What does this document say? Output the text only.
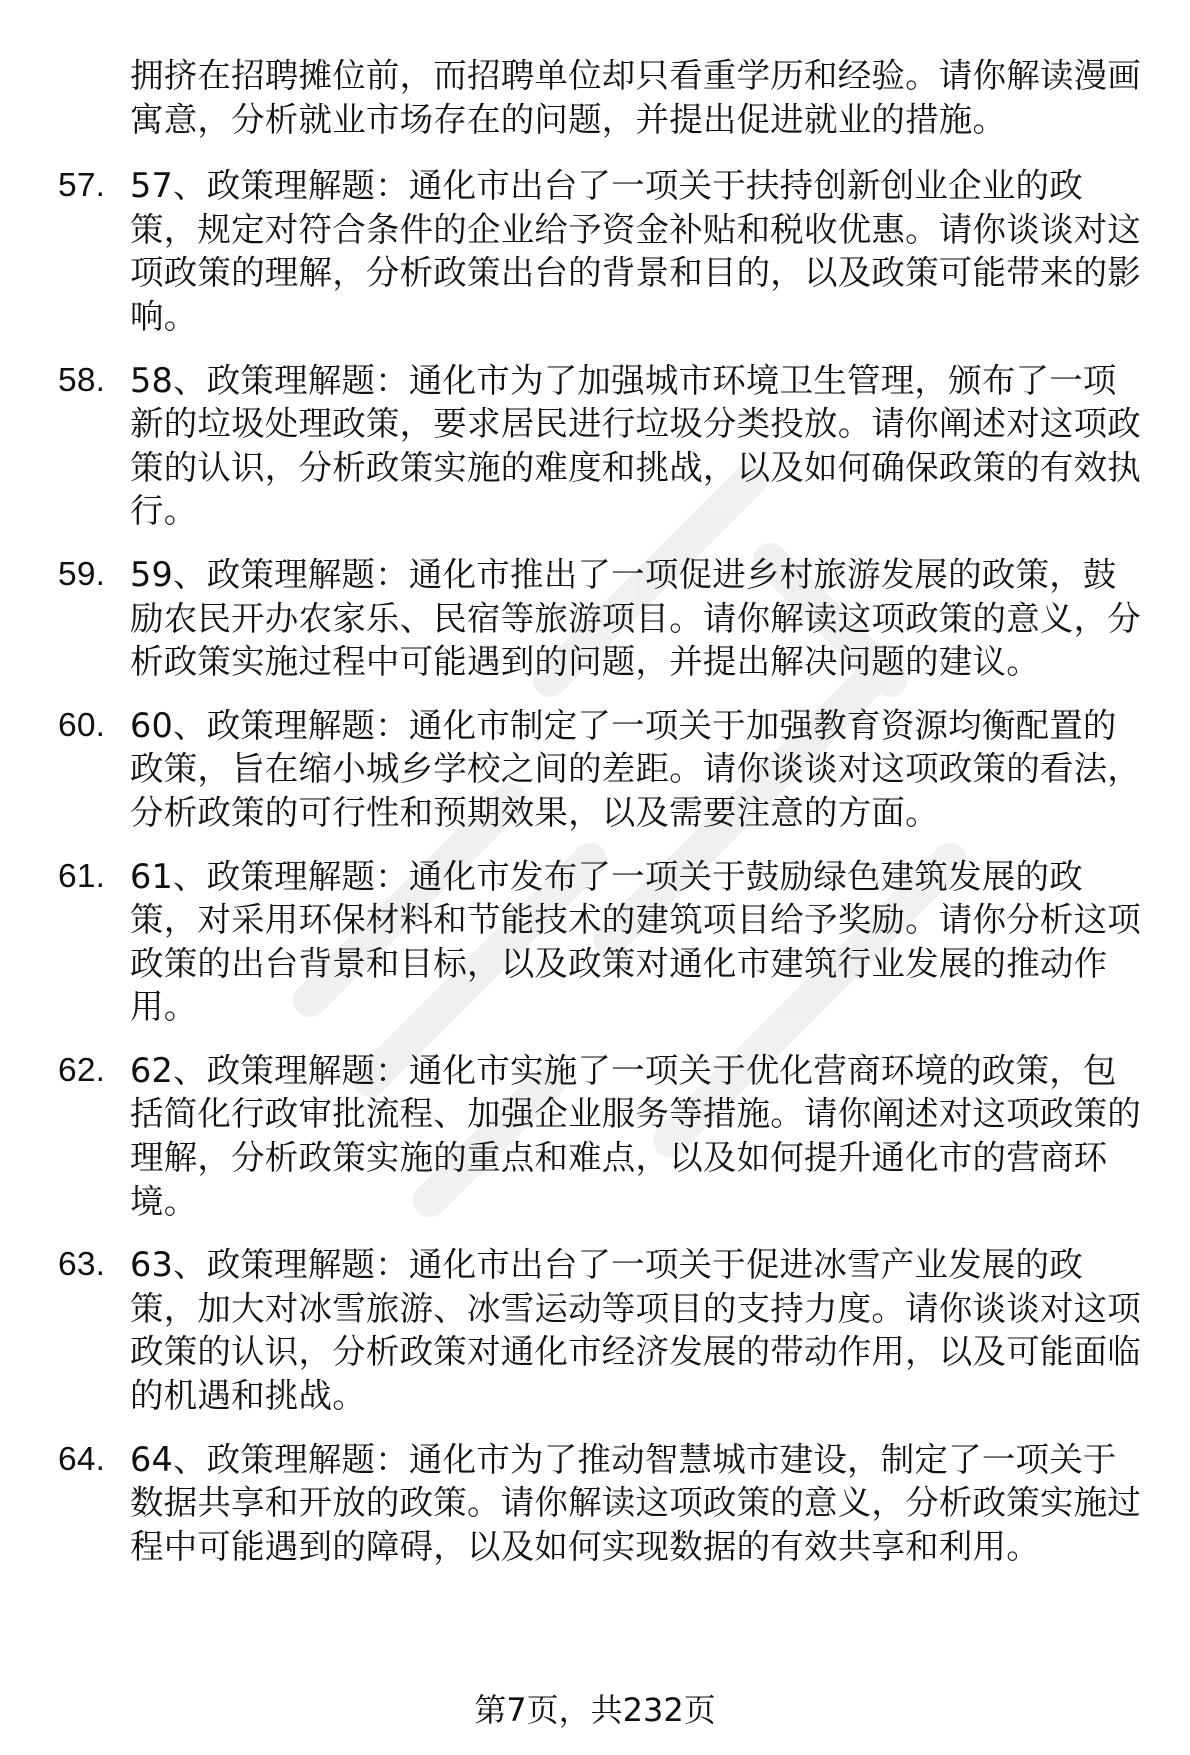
拥挤在招聘摊位前，而招聘单位却只看重学历和经验。请你解读漫画寓意，分析就业市场存在的问题，并提出促进就业的措施。
57. 57、政策理解题：通化市出台了一项关于扶持创新创业企业的政策，规定对符合条件的企业给予资金补贴和税收优惠。请你谈谈对这项政策的理解，分析政策出台的背景和目的，以及政策可能带来的影响。
58. 58、政策理解题：通化市为了加强城市环境卫生管理，颁布了一项新的垃圾处理政策，要求居民进行垃圾分类投放。请你阐述对这项政策的认识，分析政策实施的难度和挑战，以及如何确保政策的有效执行。
59. 59、政策理解题：通化市推出了一项促进乡村旅游发展的政策，鼓励农民开办农家乐、民宿等旅游项目。请你解读这项政策的意义，分析政策实施过程中可能遇到的问题，并提出解决问题的建议。
60. 60、政策理解题：通化市制定了一项关于加强教育资源均衡配置的政策，旨在缩小城乡学校之间的差距。请你谈谈对这项政策的看法，分析政策的可行性和预期效果，以及需要注意的方面。
61. 61、政策理解题：通化市发布了一项关于鼓励绿色建筑发展的政策，对采用环保材料和节能技术的建筑项目给予奖励。请你分析这项政策的出台背景和目标，以及政策对通化市建筑行业发展的推动作用。
62. 62、政策理解题：通化市实施了一项关于优化营商环境的政策，包括简化行政审批流程、加强企业服务等措施。请你阐述对这项政策的理解，分析政策实施的重点和难点，以及如何提升通化市的营商环境。
63. 63、政策理解题：通化市出台了一项关于促进冰雪产业发展的政策，加大对冰雪旅游、冰雪运动等项目的支持力度。请你谈谈对这项政策的认识，分析政策对通化市经济发展的带动作用，以及可能面临的机遇和挑战。
64. 64、政策理解题：通化市为了推动智慧城市建设，制定了一项关于数据共享和开放的政策。请你解读这项政策的意义，分析政策实施过程中可能遇到的障碍，以及如何实现数据的有效共享和利用。
第7页，共232页
